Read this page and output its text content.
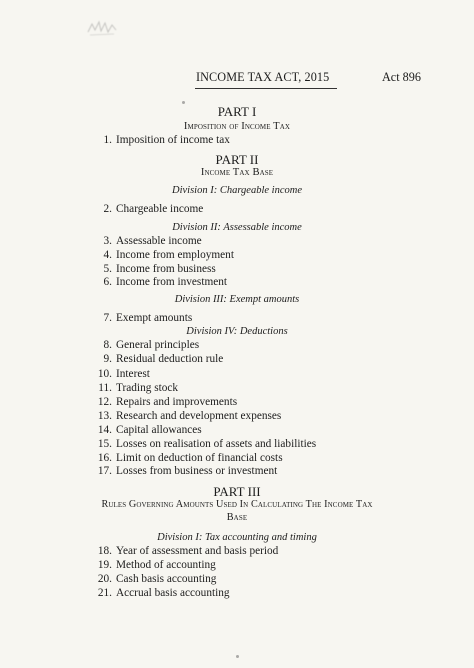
INCOME TAX ACT, 2015	Act 896
PART I
Imposition of Income Tax
1. Imposition of income tax
PART II
Income Tax Base
Division I: Chargeable income
2. Chargeable income
Division II: Assessable income
3. Assessable income
4. Income from employment
5. Income from business
6. Income from investment
Division III: Exempt amounts
7. Exempt amounts
Division IV: Deductions
8. General principles
9. Residual deduction rule
10. Interest
11. Trading stock
12. Repairs and improvements
13. Research and development expenses
14. Capital allowances
15. Losses on realisation of assets and liabilities
16. Limit on deduction of financial costs
17. Losses from business or investment
PART III
Rules Governing Amounts Used In Calculating The Income Tax
Base
Division I: Tax accounting and timing
18. Year of assessment and basis period
19. Method of accounting
20. Cash basis accounting
21. Accrual basis accounting
